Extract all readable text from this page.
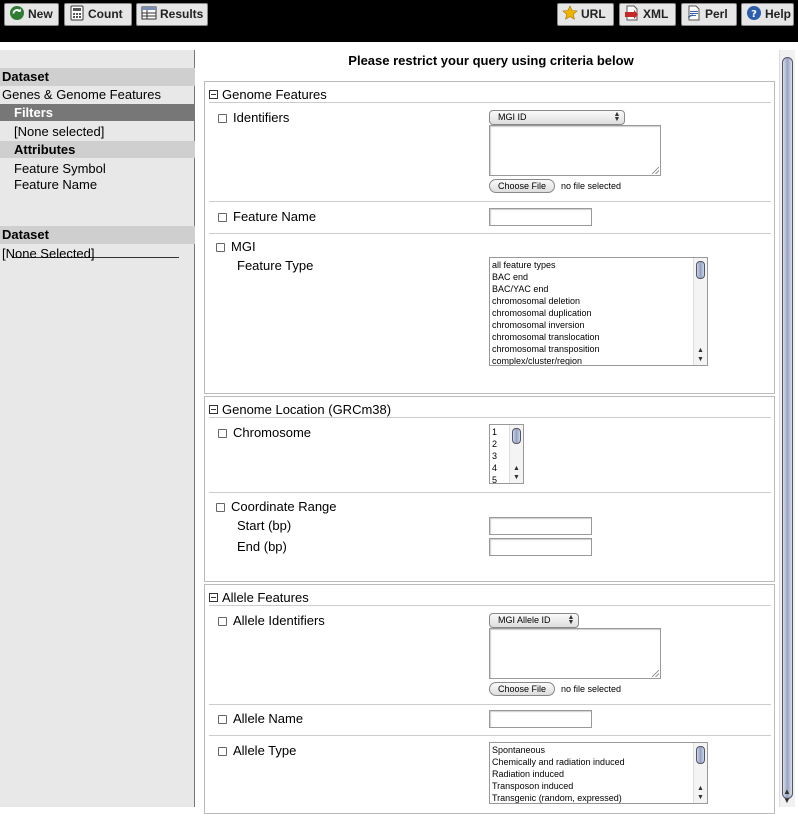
New	Count	Results	URL	XML	Perl	? Help
Dataset
Genes & Genome Features
Filters
[None selected]
Attributes
Feature Symbol
Feature Name
Dataset
[None Selected]
Please restrict your query using criteria below
Genome Features
Identifiers	MGI ID	▲
▼
Choose File	no file selected
Feature Name
MGI
Feature Type	all feature types
BAC end
BAC/YAC end
chromosomal deletion
chromosomal duplication
chromosomal inversion
chromosomal translocation
chromosomal transposition
complex/cluster/region
▲
▼
Genome Location (GRCm38)
Chromosome	1
2
3
4
5
▲
▼
Coordinate Range
Start (bp)
End (bp)
Allele Features
Allele Identifiers	MGI Allele ID ▲
▼
Choose File	no file selected
Allele Name
Allele Type	Spontaneous
Chemically and radiation induced
Radiation induced
Transposon induced
Transgenic (random, expressed)
▲
▼
▲
▼
